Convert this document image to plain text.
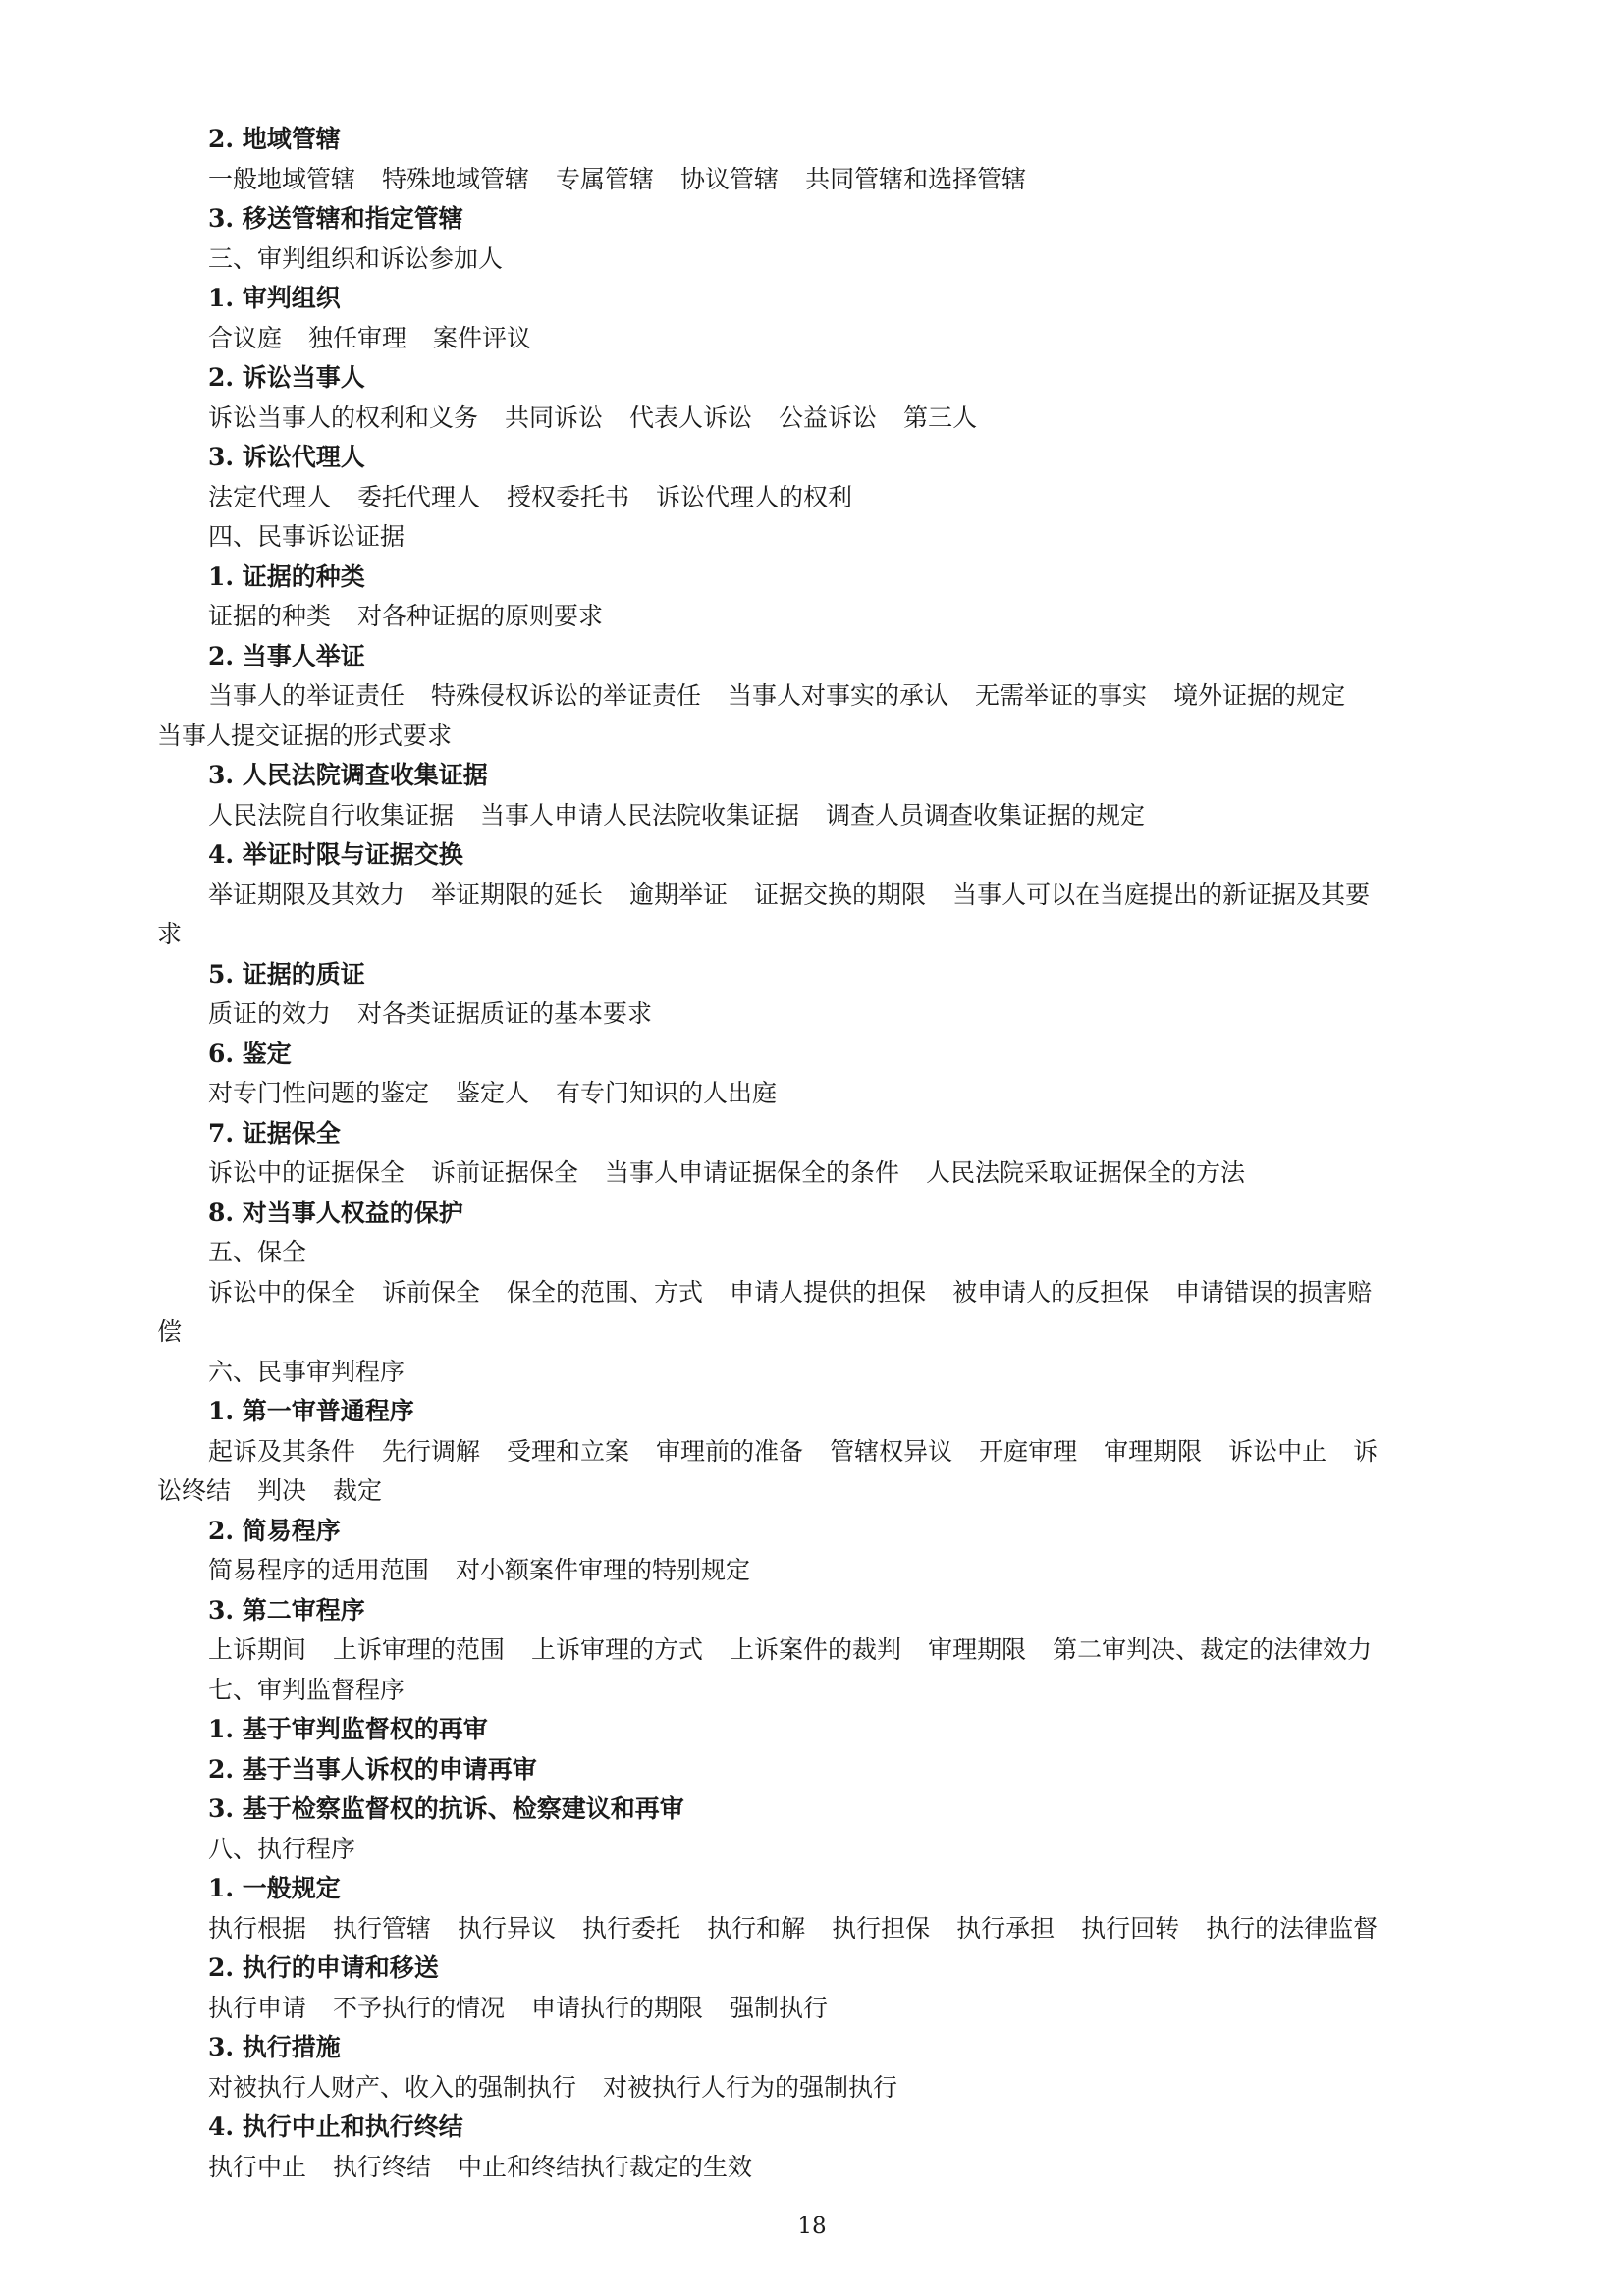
2. 地域管辖
一般地域管辖 特殊地域管辖 专属管辖 协议管辖 共同管辖和选择管辖
3. 移送管辖和指定管辖
三、审判组织和诉讼参加人
1. 审判组织
合议庭 独任审理 案件评议
2. 诉讼当事人
诉讼当事人的权利和义务 共同诉讼 代表人诉讼 公益诉讼 第三人
3. 诉讼代理人
法定代理人 委托代理人 授权委托书 诉讼代理人的权利
四、民事诉讼证据
1. 证据的种类
证据的种类 对各种证据的原则要求
2. 当事人举证
当事人的举证责任 特殊侵权诉讼的举证责任 当事人对事实的承认 无需举证的事实 境外证据的规定
当事人提交证据的形式要求
3. 人民法院调查收集证据
人民法院自行收集证据 当事人申请人民法院收集证据 调查人员调查收集证据的规定
4. 举证时限与证据交换
举证期限及其效力 举证期限的延长 逾期举证 证据交换的期限 当事人可以在当庭提出的新证据及其要
求
5. 证据的质证
质证的效力 对各类证据质证的基本要求
6. 鉴定
对专门性问题的鉴定 鉴定人 有专门知识的人出庭
7. 证据保全
诉讼中的证据保全 诉前证据保全 当事人申请证据保全的条件 人民法院采取证据保全的方法
8. 对当事人权益的保护
五、保全
诉讼中的保全 诉前保全 保全的范围、方式 申请人提供的担保 被申请人的反担保 申请错误的损害赔
偿
六、民事审判程序
1. 第一审普通程序
起诉及其条件 先行调解 受理和立案 审理前的准备 管辖权异议 开庭审理 审理期限 诉讼中止 诉
讼终结 判决 裁定
2. 简易程序
简易程序的适用范围 对小额案件审理的特别规定
3. 第二审程序
上诉期间 上诉审理的范围 上诉审理的方式 上诉案件的裁判 审理期限 第二审判决、裁定的法律效力
七、审判监督程序
1. 基于审判监督权的再审
2. 基于当事人诉权的申请再审
3. 基于检察监督权的抗诉、检察建议和再审
八、执行程序
1. 一般规定
执行根据 执行管辖 执行异议 执行委托 执行和解 执行担保 执行承担 执行回转 执行的法律监督
2. 执行的申请和移送
执行申请 不予执行的情况 申请执行的期限 强制执行
3. 执行措施
对被执行人财产、收入的强制执行 对被执行人行为的强制执行
4. 执行中止和执行终结
执行中止 执行终结 中止和终结执行裁定的生效
18
